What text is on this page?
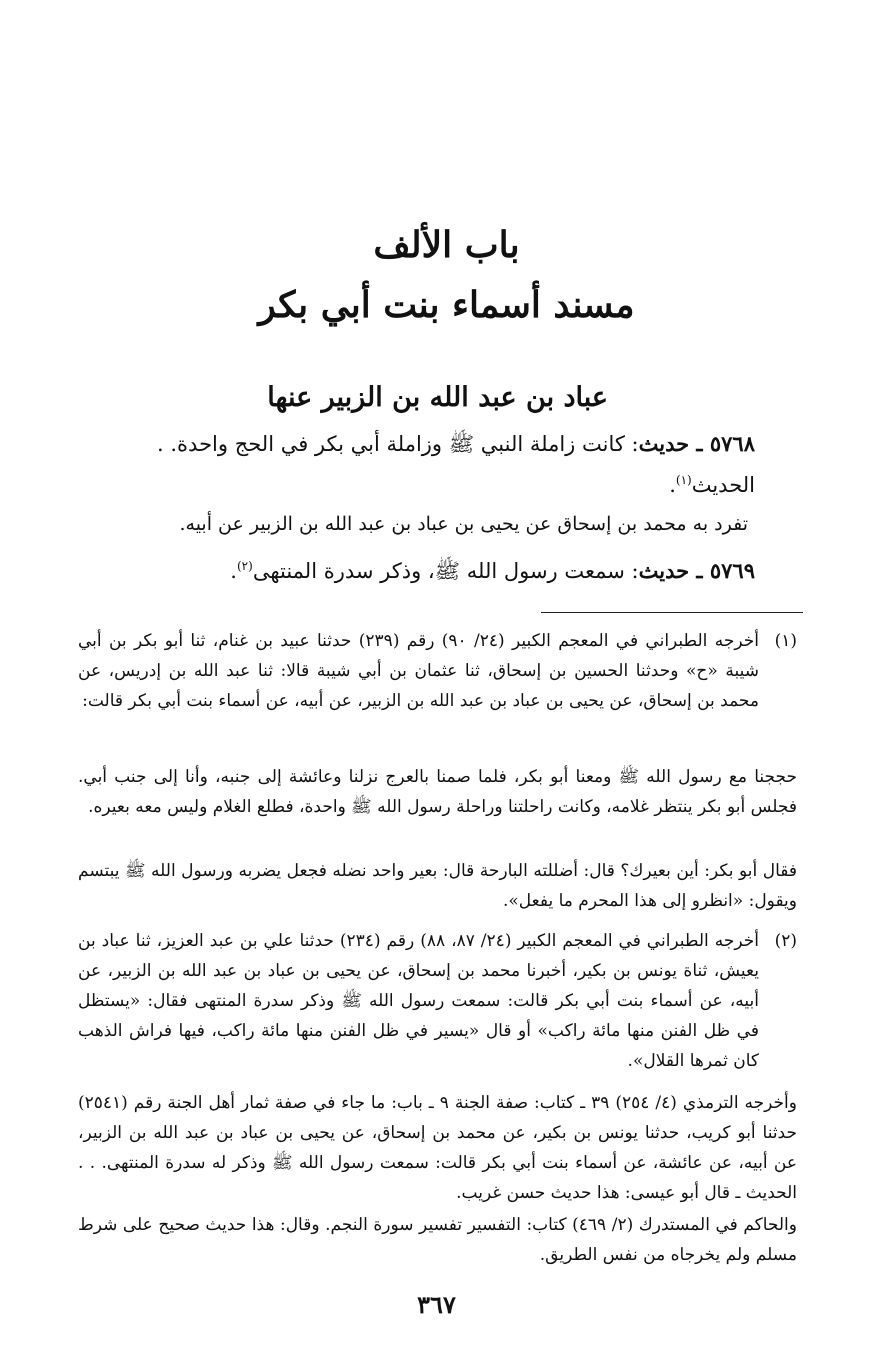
باب الألف
مسند أسماء بنت أبي بكر
عباد بن عبد الله بن الزبير عنها
٥٧٦٨ ـ حديث: كانت زاملة النبي ﷺ وزاملة أبي بكر في الحج واحدة. . الحديث$^{(١)}$.
تفرد به محمد بن إسحاق عن يحيى بن عباد بن عبد الله بن الزبير عن أبيه.
٥٧٦٩ ـ حديث: سمعت رسول الله ﷺ، وذكر سدرة المنتهى$^{(٢)}$.
(١)

أخرجه الطبراني في المعجم الكبير (٢٤/ ٩٠) رقم (٢٣٩) حدثنا عبيد بن غنام، ثنا أبو بكر بن أبي شيبة «ح» وحدثنا الحسين بن إسحاق، ثنا عثمان بن أبي شيبة قالا: ثنا عبد الله بن إدريس، عن محمد بن إسحاق، عن يحيى بن عباد بن عبد الله بن الزبير، عن أبيه، عن أسماء بنت أبي بكر قالت:

حججنا مع رسول الله ﷺ ومعنا أبو بكر، فلما صمنا بالعرج نزلنا وعائشة إلى جنبه، وأنا إلى جنب أبي. فجلس أبو بكر ينتظر غلامه، وكانت راحلتنا وراحلة رسول الله ﷺ واحدة، فطلع الغلام وليس معه بعيره.

فقال أبو بكر: أين بعيرك؟ قال: أضللته البارحة قال: بعير واحد نضله فجعل يضربه ورسول الله ﷺ يبتسم ويقول: «انظرو إلى هذا المحرم ما يفعل».

(٢)

أخرجه الطبراني في المعجم الكبير (٢٤/ ٨٧، ٨٨) رقم (٢٣٤) حدثنا علي بن عبد العزيز، ثنا عباد بن يعيش، ثناة يونس بن بكير، أخبرنا محمد بن إسحاق، عن يحيى بن عباد بن عبد الله بن الزبير، عن أبيه، عن أسماء بنت أبي بكر قالت: سمعت رسول الله ﷺ وذكر سدرة المنتهى فقال: «يستظل في ظل الفنن منها مائة راكب» أو قال «يسير في ظل الفنن منها مائة راكب، فيها فراش الذهب كان ثمرها القلال».

وأخرجه الترمذي (٤/ ٢٥٤) ٣٩ ـ كتاب: صفة الجنة ٩ ـ باب: ما جاء في صفة ثمار أهل الجنة رقم (٢٥٤١) حدثنا أبو كريب، حدثنا يونس بن بكير، عن محمد بن إسحاق، عن يحيى بن عباد بن عبد الله بن الزبير، عن أبيه، عن عائشة، عن أسماء بنت أبي بكر قالت: سمعت رسول الله ﷺ وذكر له سدرة المنتهى. . . الحديث ـ قال أبو عيسى: هذا حديث حسن غريب.

والحاكم في المستدرك (٢/ ٤٦٩) كتاب: التفسير تفسير سورة النجم. وقال: هذا حديث صحيح على شرط مسلم ولم يخرجاه من نفس الطريق.

٣٦٧
